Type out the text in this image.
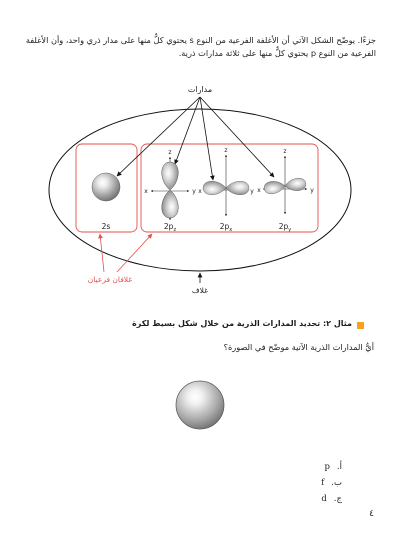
جزءًا. يوضّح الشكل الآتي أن الأغلفة الفرعية من النوع s يحتوي كلٌّ منها على مدار ذري واحد، وأن الأغلفة الفرعية من النوع p يحتوي كلٌّ منها على ثلاثة مدارات ذرية.

مدارات
2s
z
x	y
$2p_z$
z
x	y
$2p_x$
z
x	y
$2p_y$
غلافان فرعيان
غلاف
مثال ٢: تحديد المدارات الذرية من خلال شكل بسيط لكرة
أيُّ المدارات الذرية الآتية موضّح في الصورة؟
أ.
p
ب.
f
ج.
d
٤
